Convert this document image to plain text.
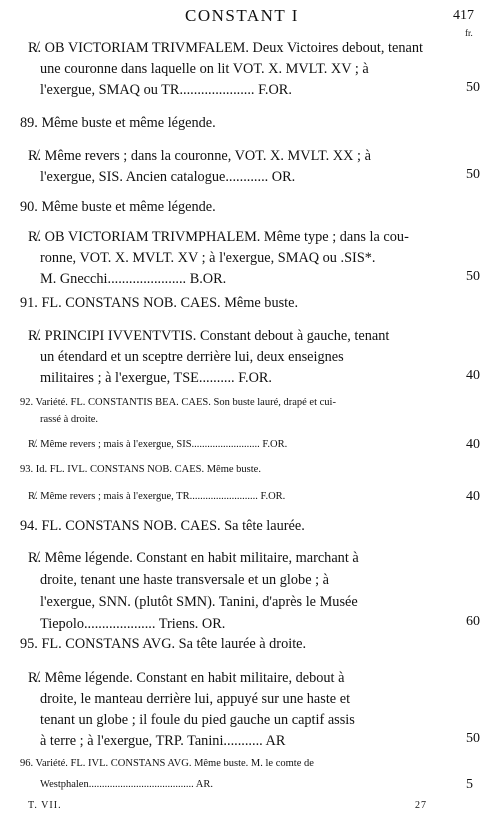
CONSTANT I	417
fr.
R̸. OB VICTORIAM TRIVMFALEM. Deux Victoires debout, tenant
une couronne dans laquelle on lit VOT. X. MVLT. XV ; à
l'exergue, SMAQ ou TR..................... F.OR.	50
89. Même buste et même légende.
R̸. Même revers ; dans la couronne, VOT. X. MVLT. XX ; à
l'exergue, SIS. Ancien catalogue............ OR.	50
90. Même buste et même légende.
R̸. OB VICTORIAM TRIVMPHALEM. Même type ; dans la cou-
ronne, VOT. X. MVLT. XV ; à l'exergue, SMAQ ou .SIS*.
M. Gnecchi...................... B.OR.	50
91. FL. CONSTANS NOB. CAES. Même buste.
R̸. PRINCIPI IVVENTVTIS. Constant debout à gauche, tenant
un étendard et un sceptre derrière lui, deux enseignes
militaires ; à l'exergue, TSE.......... F.OR.	40
92. Variété. FL. CONSTANTIS BEA. CAES. Son buste lauré, drapé et cui-
rassé à droite.
R̸. Même revers ; mais à l'exergue, SIS.......................... F.OR.	40
93. Id. FL. IVL. CONSTANS NOB. CAES. Même buste.
R̸. Même revers ; mais à l'exergue, TR.......................... F.OR.	40
94. FL. CONSTANS NOB. CAES. Sa tête laurée.
R̸. Même légende. Constant en habit militaire, marchant à
droite, tenant une haste transversale et un globe ; à
l'exergue, SNN. (plutôt SMN). Tanini, d'après le Musée
Tiepolo.................... Triens. OR.	60
95. FL. CONSTANS AVG. Sa tête laurée à droite.
R̸. Même légende. Constant en habit militaire, debout à
droite, le manteau derrière lui, appuyé sur une haste et
tenant un globe ; il foule du pied gauche un captif assis
à terre ; à l'exergue, TRP. Tanini........... AR	50
96. Variété. FL. IVL. CONSTANS AVG. Même buste. M. le comte de
Westphalen........................................ AR.	5
T. VII.	27
